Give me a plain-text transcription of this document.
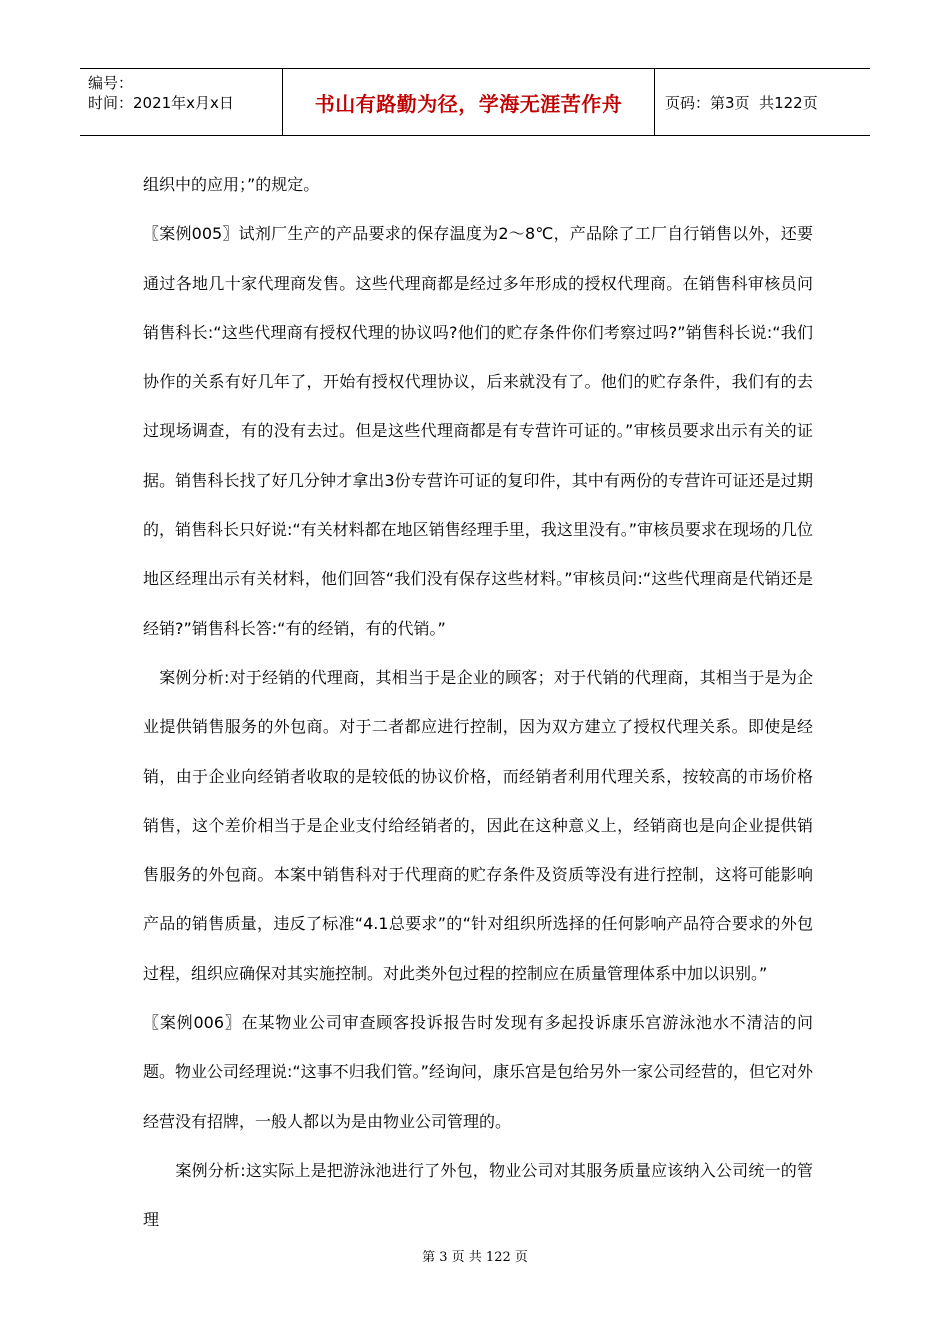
编号：
时间：2021年x月x日	书山有路勤为径，学海无涯苦作舟	页码：第3页  共122页

组织中的应用；”的规定。

〖案例005〗试剂厂生产的产品要求的保存温度为2～8℃，产品除了工厂自行销售以外，还要通过各地几十家代理商发售。这些代理商都是经过多年形成的授权代理商。在销售科审核员问销售科长:“这些代理商有授权代理的协议吗?他们的贮存条件你们考察过吗?”销售科长说:“我们协作的关系有好几年了，开始有授权代理协议，后来就没有了。他们的贮存条件，我们有的去过现场调查，有的没有去过。但是这些代理商都是有专营许可证的。”审核员要求出示有关的证据。销售科长找了好几分钟才拿出3份专营许可证的复印件，其中有两份的专营许可证还是过期的，销售科长只好说:“有关材料都在地区销售经理手里，我这里没有。”审核员要求在现场的几位地区经理出示有关材料，他们回答“我们没有保存这些材料。”审核员问:“这些代理商是代销还是经销?”销售科长答:“有的经销，有的代销。”

　案例分析:对于经销的代理商，其相当于是企业的顾客；对于代销的代理商，其相当于是为企业提供销售服务的外包商。对于二者都应进行控制，因为双方建立了授权代理关系。即使是经销，由于企业向经销者收取的是较低的协议价格，而经销者利用代理关系，按较高的市场价格销售，这个差价相当于是企业支付给经销者的，因此在这种意义上，经销商也是向企业提供销售服务的外包商。本案中销售科对于代理商的贮存条件及资质等没有进行控制，这将可能影响产品的销售质量，违反了标准“4.1总要求”的“针对组织所选择的任何影响产品符合要求的外包过程，组织应确保对其实施控制。对此类外包过程的控制应在质量管理体系中加以识别。”

〖案例006〗在某物业公司审查顾客投诉报告时发现有多起投诉康乐宫游泳池水不清洁的问题。物业公司经理说:“这事不归我们管。”经询问，康乐宫是包给另外一家公司经营的，但它对外经营没有招牌，一般人都以为是由物业公司管理的。

　　案例分析:这实际上是把游泳池进行了外包，物业公司对其服务质量应该纳入公司统一的管理

第 3 页 共 122 页
